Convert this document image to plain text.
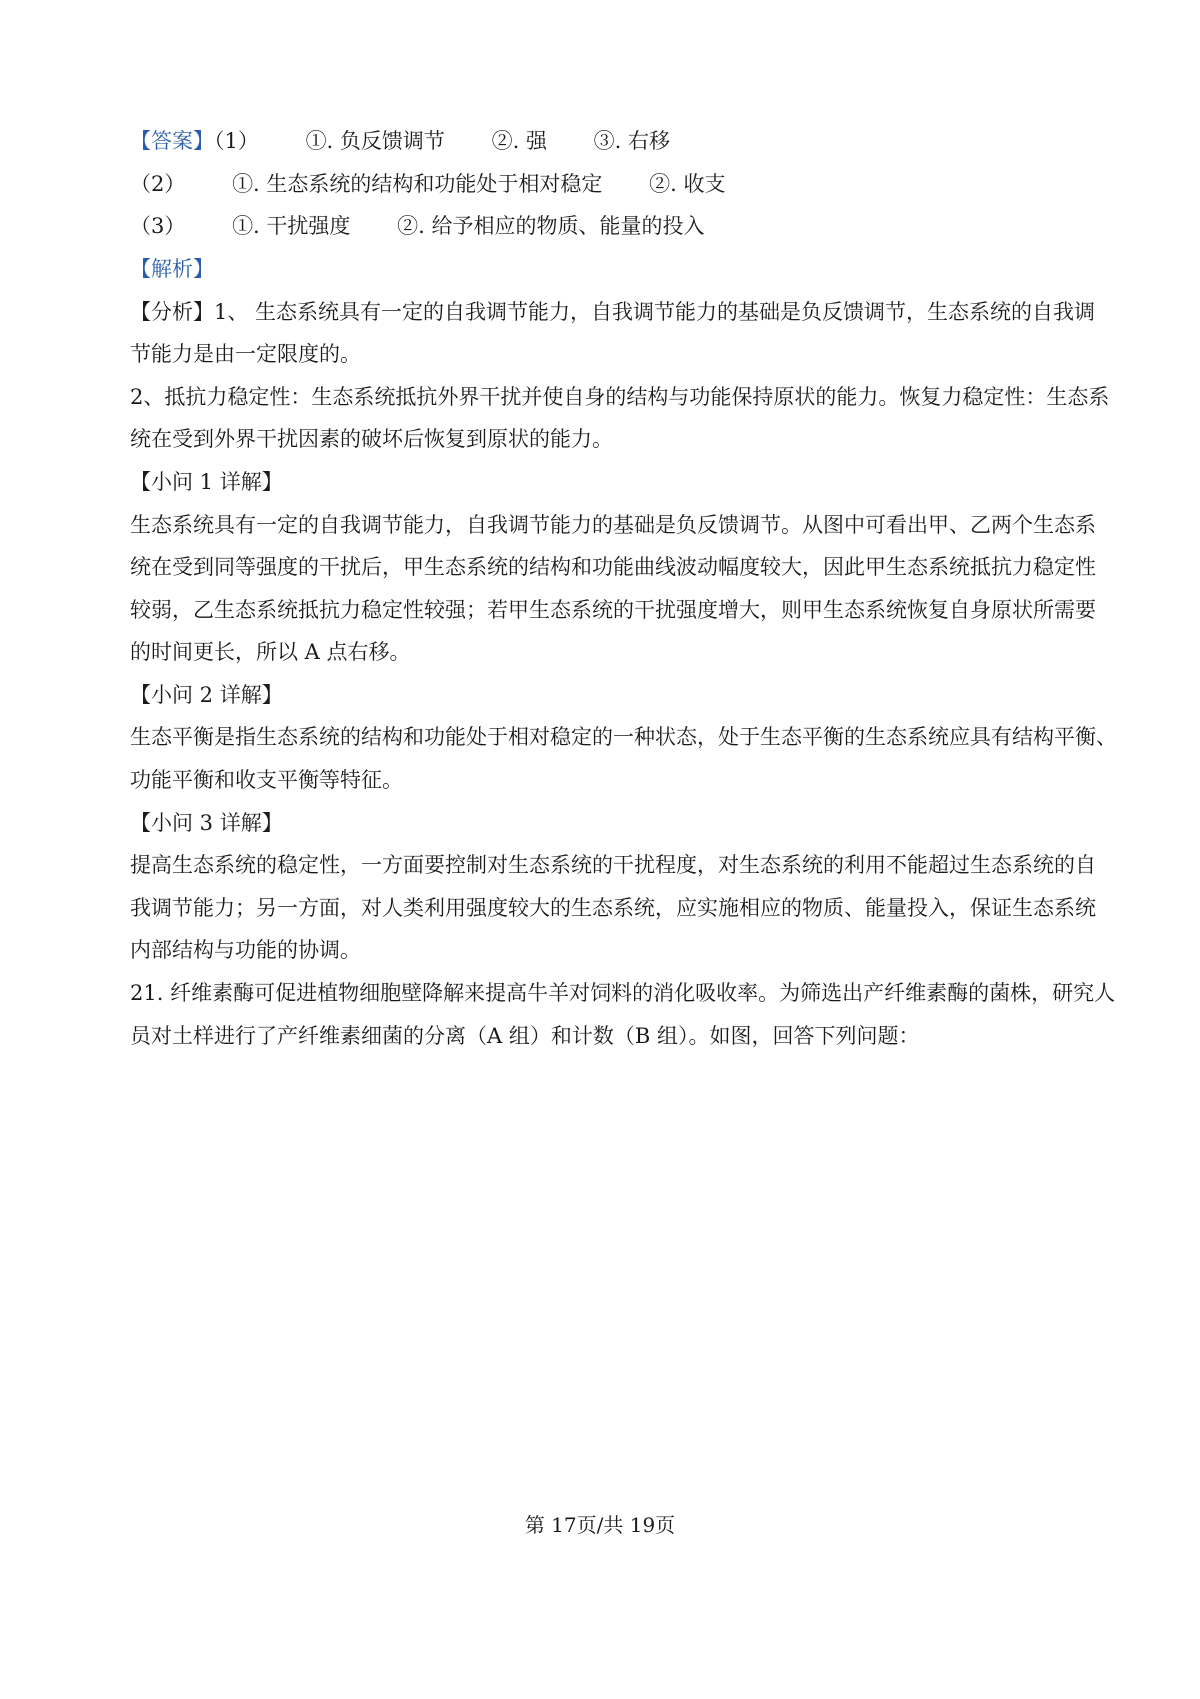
【答案】（1） ①. 负反馈调节 ②. 强 ③. 右移
（2） ①. 生态系统的结构和功能处于相对稳定 ②. 收支
（3） ①. 干扰强度 ②. 给予相应的物质、能量的投入
【解析】
【分析】1、 生态系统具有一定的自我调节能力，自我调节能力的基础是负反馈调节，生态系统的自我调
节能力是由一定限度的。
2、抵抗力稳定性：生态系统抵抗外界干扰并使自身的结构与功能保持原状的能力。恢复力稳定性：生态系
统在受到外界干扰因素的破坏后恢复到原状的能力。
【小问 1 详解】
生态系统具有一定的自我调节能力，自我调节能力的基础是负反馈调节。从图中可看出甲、乙两个生态系
统在受到同等强度的干扰后，甲生态系统的结构和功能曲线波动幅度较大，因此甲生态系统抵抗力稳定性
较弱，乙生态系统抵抗力稳定性较强；若甲生态系统的干扰强度增大，则甲生态系统恢复自身原状所需要
的时间更长，所以 A 点右移。
【小问 2 详解】
生态平衡是指生态系统的结构和功能处于相对稳定的一种状态，处于生态平衡的生态系统应具有结构平衡、
功能平衡和收支平衡等特征。
【小问 3 详解】
提高生态系统的稳定性，一方面要控制对生态系统的干扰程度，对生态系统的利用不能超过生态系统的自
我调节能力；另一方面，对人类利用强度较大的生态系统，应实施相应的物质、能量投入，保证生态系统
内部结构与功能的协调。
21. 纤维素酶可促进植物细胞壁降解来提高牛羊对饲料的消化吸收率。为筛选出产纤维素酶的菌株，研究人
员对土样进行了产纤维素细菌的分离（A 组）和计数（B 组）。如图，回答下列问题：
第 17页/共 19页
